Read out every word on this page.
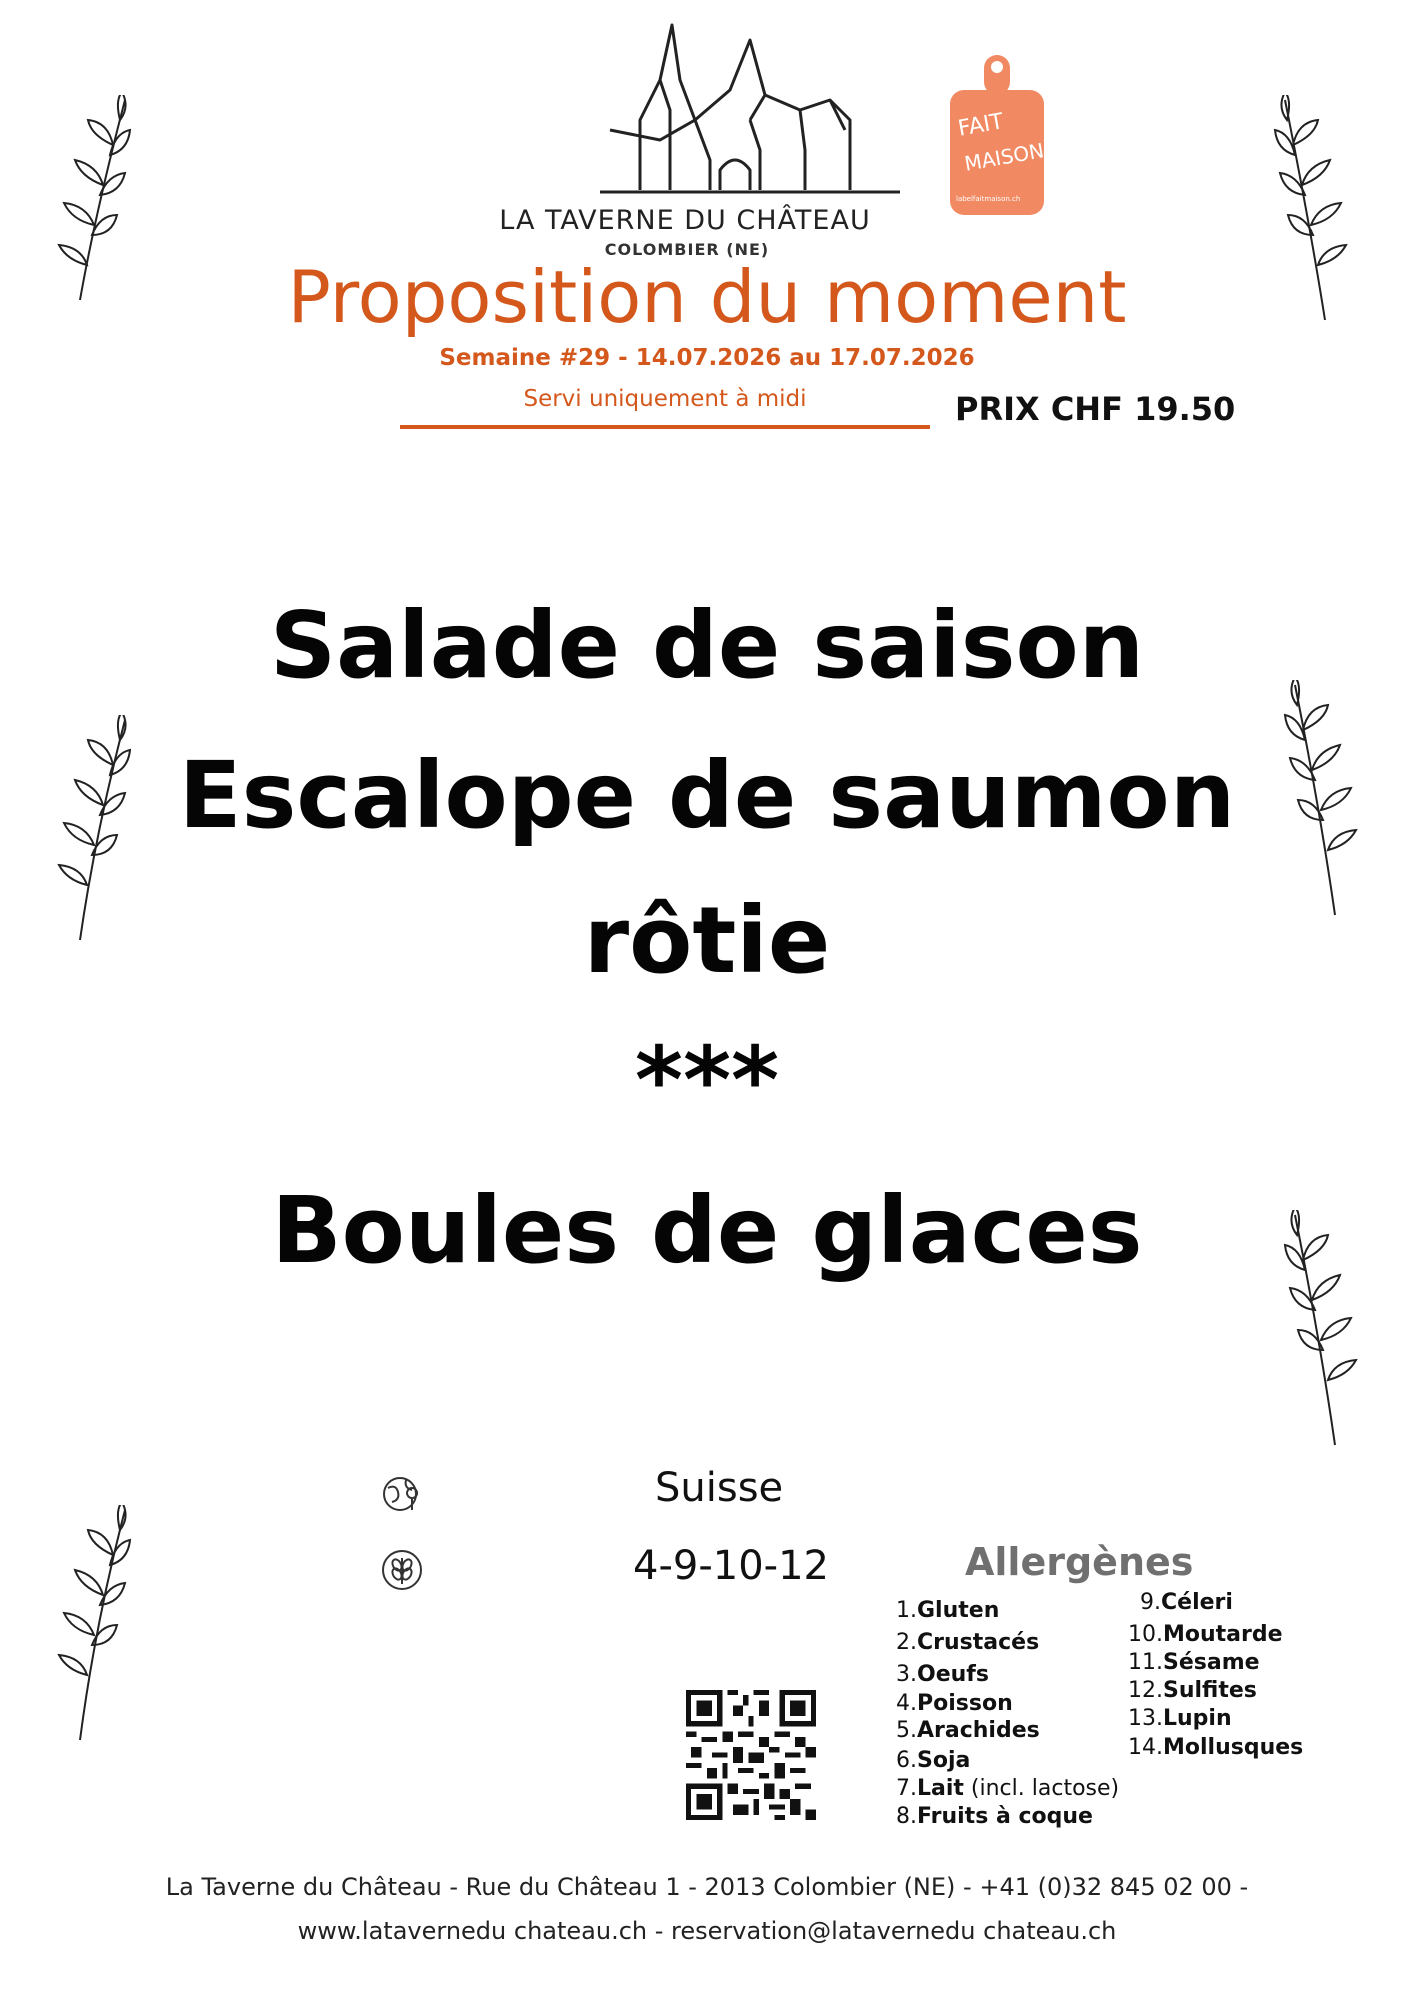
LA TAVERNE DU CHÂTEAU
COLOMBIER (NE)
FAIT
MAISON
labelfaitmaison.ch
Proposition du moment
Semaine #29 - 14.07.2026 au 17.07.2026
Servi uniquement à midi	PRIX CHF 19.50
Salade de saison
Escalope de saumon
rôtie
***
Boules de glaces
Suisse
4-9-10-12	Allergènes
1.Gluten
2.Crustacés
3.Oeufs
4.Poisson
5.Arachides
6.Soja
7.Lait (incl. lactose)
8.Fruits à coque
9.Céleri
10.Moutarde
11.Sésame
12.Sulfites
13.Lupin
14.Mollusques
La Taverne du Château - Rue du Château 1 - 2013 Colombier (NE) - +41 (0)32 845 02 00 -
www.latavernedu chateau.ch - reservation@latavernedu chateau.ch
